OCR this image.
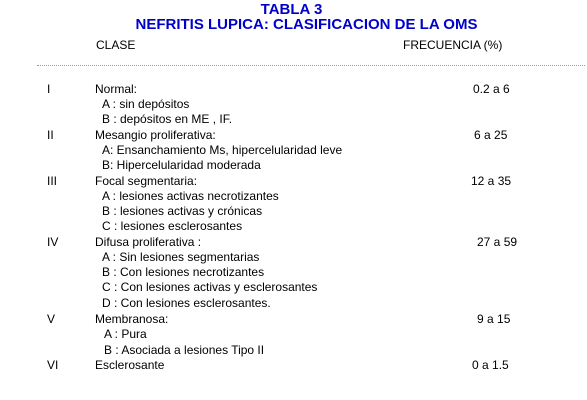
TABLA 3
NEFRITIS LUPICA: CLASIFICACION DE LA OMS
CLASE	FRECUENCIA (%)
I	Normal:	0.2 a 6
A : sin depósitos
B : depósitos en ME , IF.
II	Mesangio proliferativa:	6 a 25
A: Ensanchamiento Ms, hipercelularidad leve
B: Hipercelularidad moderada
III	Focal segmentaria:	12 a 35
A : lesiones activas necrotizantes
B : lesiones activas y crónicas
C : lesiones esclerosantes
IV	Difusa proliferativa :	27 a 59
A : Sin lesiones segmentarias
B : Con lesiones necrotizantes
C : Con lesiones activas y esclerosantes
D : Con lesiones esclerosantes.
V	Membranosa:	9 a 15
A : Pura
B : Asociada a lesiones Tipo II
VI	Esclerosante	0 a 1.5
